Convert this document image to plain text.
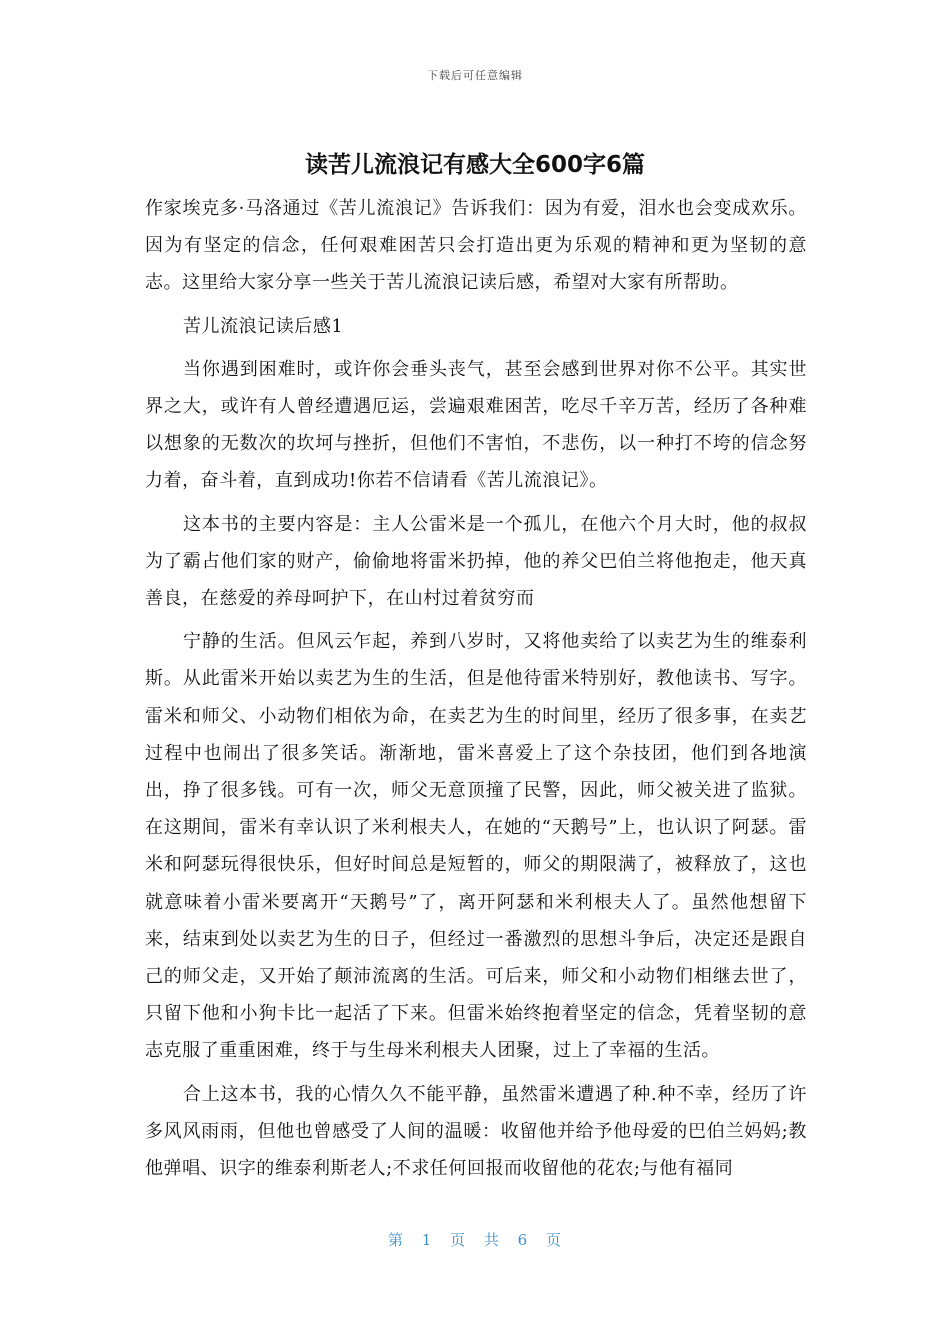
下载后可任意编辑
读苦儿流浪记有感大全600字6篇

作家埃克多·马洛通过《苦儿流浪记》告诉我们：因为有爱，泪水也会变成欢乐。因为有坚定的信念，任何艰难困苦只会打造出更为乐观的精神和更为坚韧的意志。这里给大家分享一些关于苦儿流浪记读后感，希望对大家有所帮助。

苦儿流浪记读后感1

当你遇到困难时，或许你会垂头丧气，甚至会感到世界对你不公平。其实世界之大，或许有人曾经遭遇厄运，尝遍艰难困苦，吃尽千辛万苦，经历了各种难以想象的无数次的坎坷与挫折，但他们不害怕，不悲伤，以一种打不垮的信念努力着，奋斗着，直到成功!你若不信请看《苦儿流浪记》。

这本书的主要内容是：主人公雷米是一个孤儿，在他六个月大时，他的叔叔为了霸占他们家的财产，偷偷地将雷米扔掉，他的养父巴伯兰将他抱走，他天真善良，在慈爱的养母呵护下，在山村过着贫穷而

宁静的生活。但风云乍起，养到八岁时，又将他卖给了以卖艺为生的维泰利斯。从此雷米开始以卖艺为生的生活，但是他待雷米特别好，教他读书、写字。雷米和师父、小动物们相依为命，在卖艺为生的时间里，经历了很多事，在卖艺过程中也闹出了很多笑话。渐渐地，雷米喜爱上了这个杂技团，他们到各地演出，挣了很多钱。可有一次，师父无意顶撞了民警，因此，师父被关进了监狱。在这期间，雷米有幸认识了米利根夫人，在她的“天鹅号”上，也认识了阿瑟。雷米和阿瑟玩得很快乐，但好时间总是短暂的，师父的期限满了，被释放了，这也就意味着小雷米要离开“天鹅号”了，离开阿瑟和米利根夫人了。虽然他想留下来，结束到处以卖艺为生的日子，但经过一番激烈的思想斗争后，决定还是跟自己的师父走，又开始了颠沛流离的生活。可后来，师父和小动物们相继去世了，只留下他和小狗卡比一起活了下来。但雷米始终抱着坚定的信念，凭着坚韧的意志克服了重重困难，终于与生母米利根夫人团聚，过上了幸福的生活。

合上这本书，我的心情久久不能平静，虽然雷米遭遇了种.种不幸，经历了许多风风雨雨，但他也曾感受了人间的温暖：收留他并给予他母爱的巴伯兰妈妈;教他弹唱、识字的维泰利斯老人;不求任何回报而收留他的花农;与他有福同

第 1 页 共 6 页
